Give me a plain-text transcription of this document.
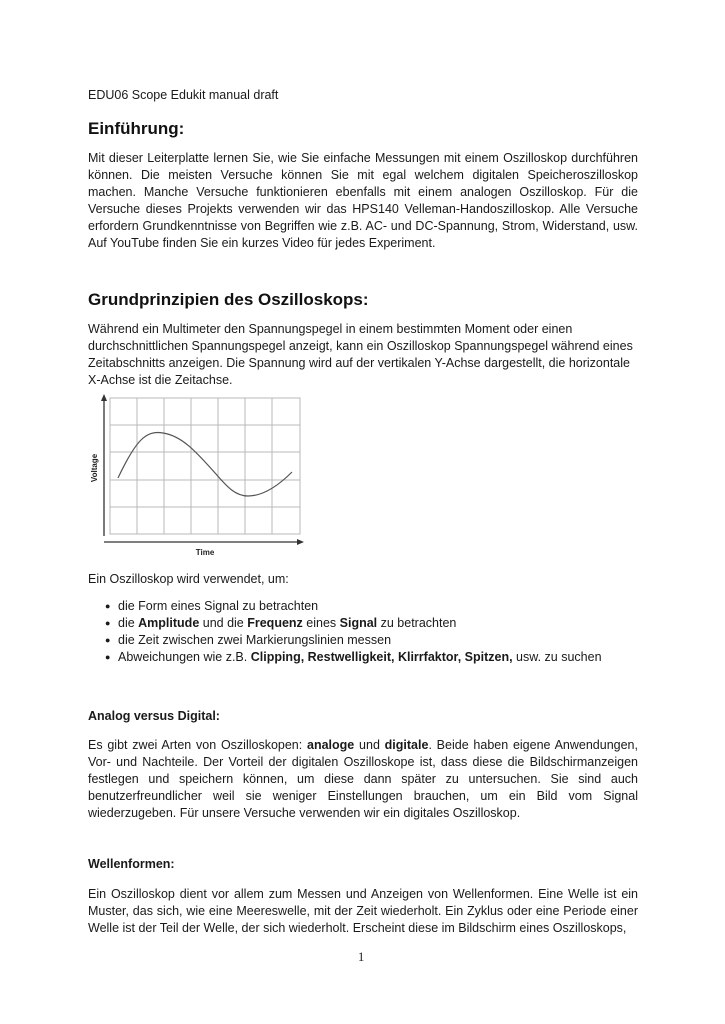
EDU06 Scope Edukit manual draft
Einführung:

Mit dieser Leiterplatte lernen Sie, wie Sie einfache Messungen mit einem Oszilloskop durchführen können. Die meisten Versuche können Sie mit egal welchem digitalen Speicheroszilloskop machen. Manche Versuche funktionieren ebenfalls mit einem analogen Oszilloskop. Für die Versuche dieses Projekts verwenden wir das HPS140 Velleman-Handoszilloskop. Alle Versuche erfordern Grundkenntnisse von Begriffen wie z.B. AC- und DC-Spannung, Strom, Widerstand, usw. Auf YouTube finden Sie ein kurzes Video für jedes Experiment.

Grundprinzipien des Oszilloskops:

Während ein Multimeter den Spannungspegel in einem bestimmten Moment oder einen durchschnittlichen Spannungspegel anzeigt, kann ein Oszilloskop Spannungspegel während eines Zeitabschnitts anzeigen. Die Spannung wird auf der vertikalen Y-Achse dargestellt, die horizontale X-Achse ist die Zeitachse.

Voltage
Time

Ein Oszilloskop wird verwendet, um:

● die Form eines Signal zu betrachten
● die Amplitude und die Frequenz eines Signal zu betrachten
● die Zeit zwischen zwei Markierungslinien messen
● Abweichungen wie z.B. Clipping, Restwelligkeit, Klirrfaktor, Spitzen, usw. zu suchen
Analog versus Digital:

Es gibt zwei Arten von Oszilloskopen: analoge und digitale. Beide haben eigene Anwendungen, Vor- und Nachteile. Der Vorteil der digitalen Oszilloskope ist, dass diese die Bildschirmanzeigen festlegen und speichern können, um diese dann später zu untersuchen. Sie sind auch benutzerfreundlicher weil sie weniger Einstellungen brauchen, um ein Bild vom Signal wiederzugeben. Für unsere Versuche verwenden wir ein digitales Oszilloskop.

Wellenformen:

Ein Oszilloskop dient vor allem zum Messen und Anzeigen von Wellenformen. Eine Welle ist ein Muster, das sich, wie eine Meereswelle, mit der Zeit wiederholt. Ein Zyklus oder eine Periode einer Welle ist der Teil der Welle, der sich wiederholt. Erscheint diese im Bildschirm eines Oszilloskops,

1
